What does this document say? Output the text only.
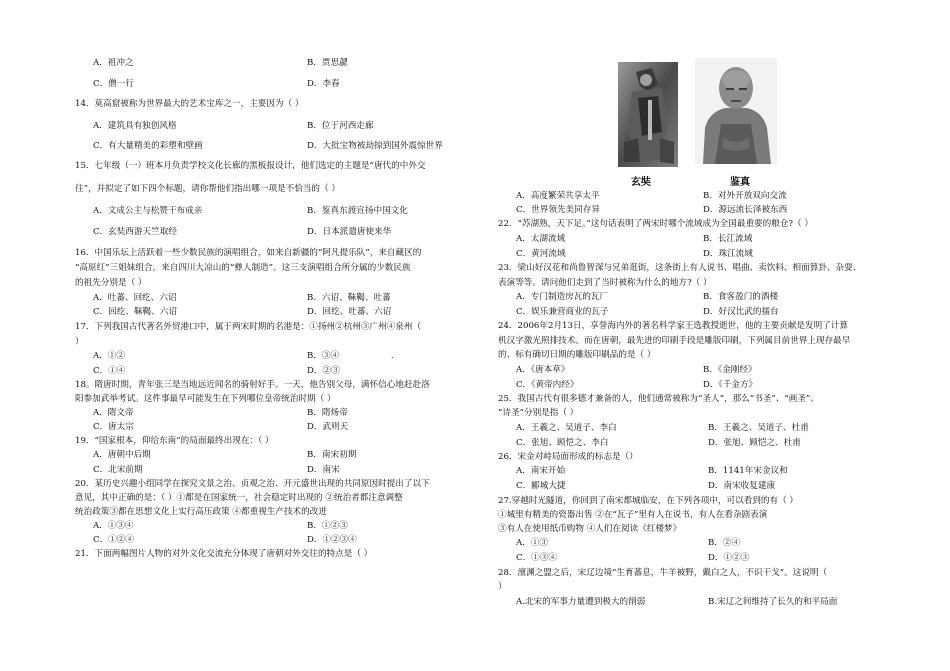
A．祖冲之	B．贾思勰
C．僧一行	D．李春
14．莫高窟被称为世界最大的艺术宝库之一，主要因为（ ）
A．建筑具有独创风格	B．位于河西走廊
C．有大量精美的彩塑和壁画	D．大批宝物被劫掠到国外震惊世界
15．七年级（一）班本月负责学校文化长廊的黑板报设计，他们选定的主题是“唐代的中外交
往”，并拟定了如下四个标题，请你帮他们指出哪一项是不恰当的（ ）
A．文成公主与松赞干布成亲	B．鉴真东渡宣扬中国文化
C．玄奘西游天竺取经	D．日本派遣唐使来华
16．中国乐坛上活跃着一些少数民族的演唱组合，如来自新疆的“阿凡提乐队”，来自藏区的
“高原红”三姐妹组合，来自四川大凉山的“彝人制造”。这三支演唱组合所分属的少数民族
的祖先分别是（ ）
A．吐蕃、回纥、六诏	B．六诏、靺鞨、吐蕃
C．回纥、靺鞨、六诏	D．回纥、吐蕃、六诏
17．下列我国古代著名外贸港口中，属于两宋时期的名港是：①扬州②杭州③广州④泉州（
）
A．①②	B．③④	.
C．①④	D．②③
18。隋唐时期，青年张三是当地远近闻名的骑射好手。一天，他告别父母，满怀信心地赶赴洛
阳参加武举考试。这件事最早可能发生在下列哪位皇帝统治时期（ ）
A．隋文帝	B．隋炀帝
C．唐太宗	D．武则天
19．“国家根本，仰给东南”的局面最终出现在：（ ）
A．唐朝中后期	B．南宋初期
C．北宋前期	D．南宋
20．某历史兴趣小组同学在探究文景之治、贞观之治、开元盛世出现的共同原因时提出了以下
意见，其中正确的是：（ ）①都是在国家统一，社会稳定时出现的 ②统治者都注意调整
统治政策③都在思想文化上实行高压政策 ④都重视生产技术的改进
A．①③④	B．①②③
C．①②④	D．①②③④
21．下面两幅图片人物的对外文化交流充分体现了唐朝对外交往的特点是（ ）
玄奘	鉴真
A．高度繁荣共享太平	B．对外开放双向交流
C．世界领先美同存异	D．源远流长泽被东西
22．“苏湖熟，天下足。”这句话表明了两宋时哪个流域成为全国最重要的粮仓?（ ）
A．太湖流域	B．长江流域
C．黄河流域	D．珠江流域
23．梁山好汉花和尚鲁智深与兄弟逛街，这条街上有人说书、唱曲、卖饮料、相面算卦、杂耍、
表演等等。请问他们走到了当时被称为什么的地方?（ ）
A．专门制造房瓦的瓦厂	B．食客盈门的酒楼
C．娱乐兼营商业的瓦子	D．好汉比武的擂台
24．2006年2月13日，享誉海内外的著名科学家王选教授逝世，他的主要贡献是发明了计算
机汉字激光照排技术。而在唐朝，最先进的印刷手段是雕版印刷，下列属目前世界上现存最早
的、标有确切日期的雕版印刷品的是（ ）
A．《唐本草》	B．《金刚经》
C．《黄帝内经》	D．《千金方》
25．我国古代有很多德才兼备的人，他们通常被称为“圣人”，那么“书圣”、“画圣”、
“诗圣”分别是指（ ）
A．王羲之、吴道子、李白	B．王羲之、吴道子、杜甫
C．张旭、顾恺之、李白	D．张旭、顾恺之、杜甫
26．宋金对峙局面形成的标志是（）
A．南宋开始	B．1141年宋金议和
C．郾城大捷	D．南宋收复建康
27.穿越时光隧道，你回到了南宋都城临安，在下列各项中，可以看到的有（ ）
①城里有精美的瓷器出售 ②在“瓦子”里有人在说书，有人在看杂剧表演
③有人在使用纸币购物 ④人们在阅读《红楼梦》
A．①③	B．②④
C．①③④	D．①②③
28．澶渊之盟之后，宋辽边境“生育蕃息，牛羊被野，戴白之人，不识干戈”。这说明（
）
A.北宋的军事力量遭到极大的削弱	B.宋辽之间维持了长久的和平局面
